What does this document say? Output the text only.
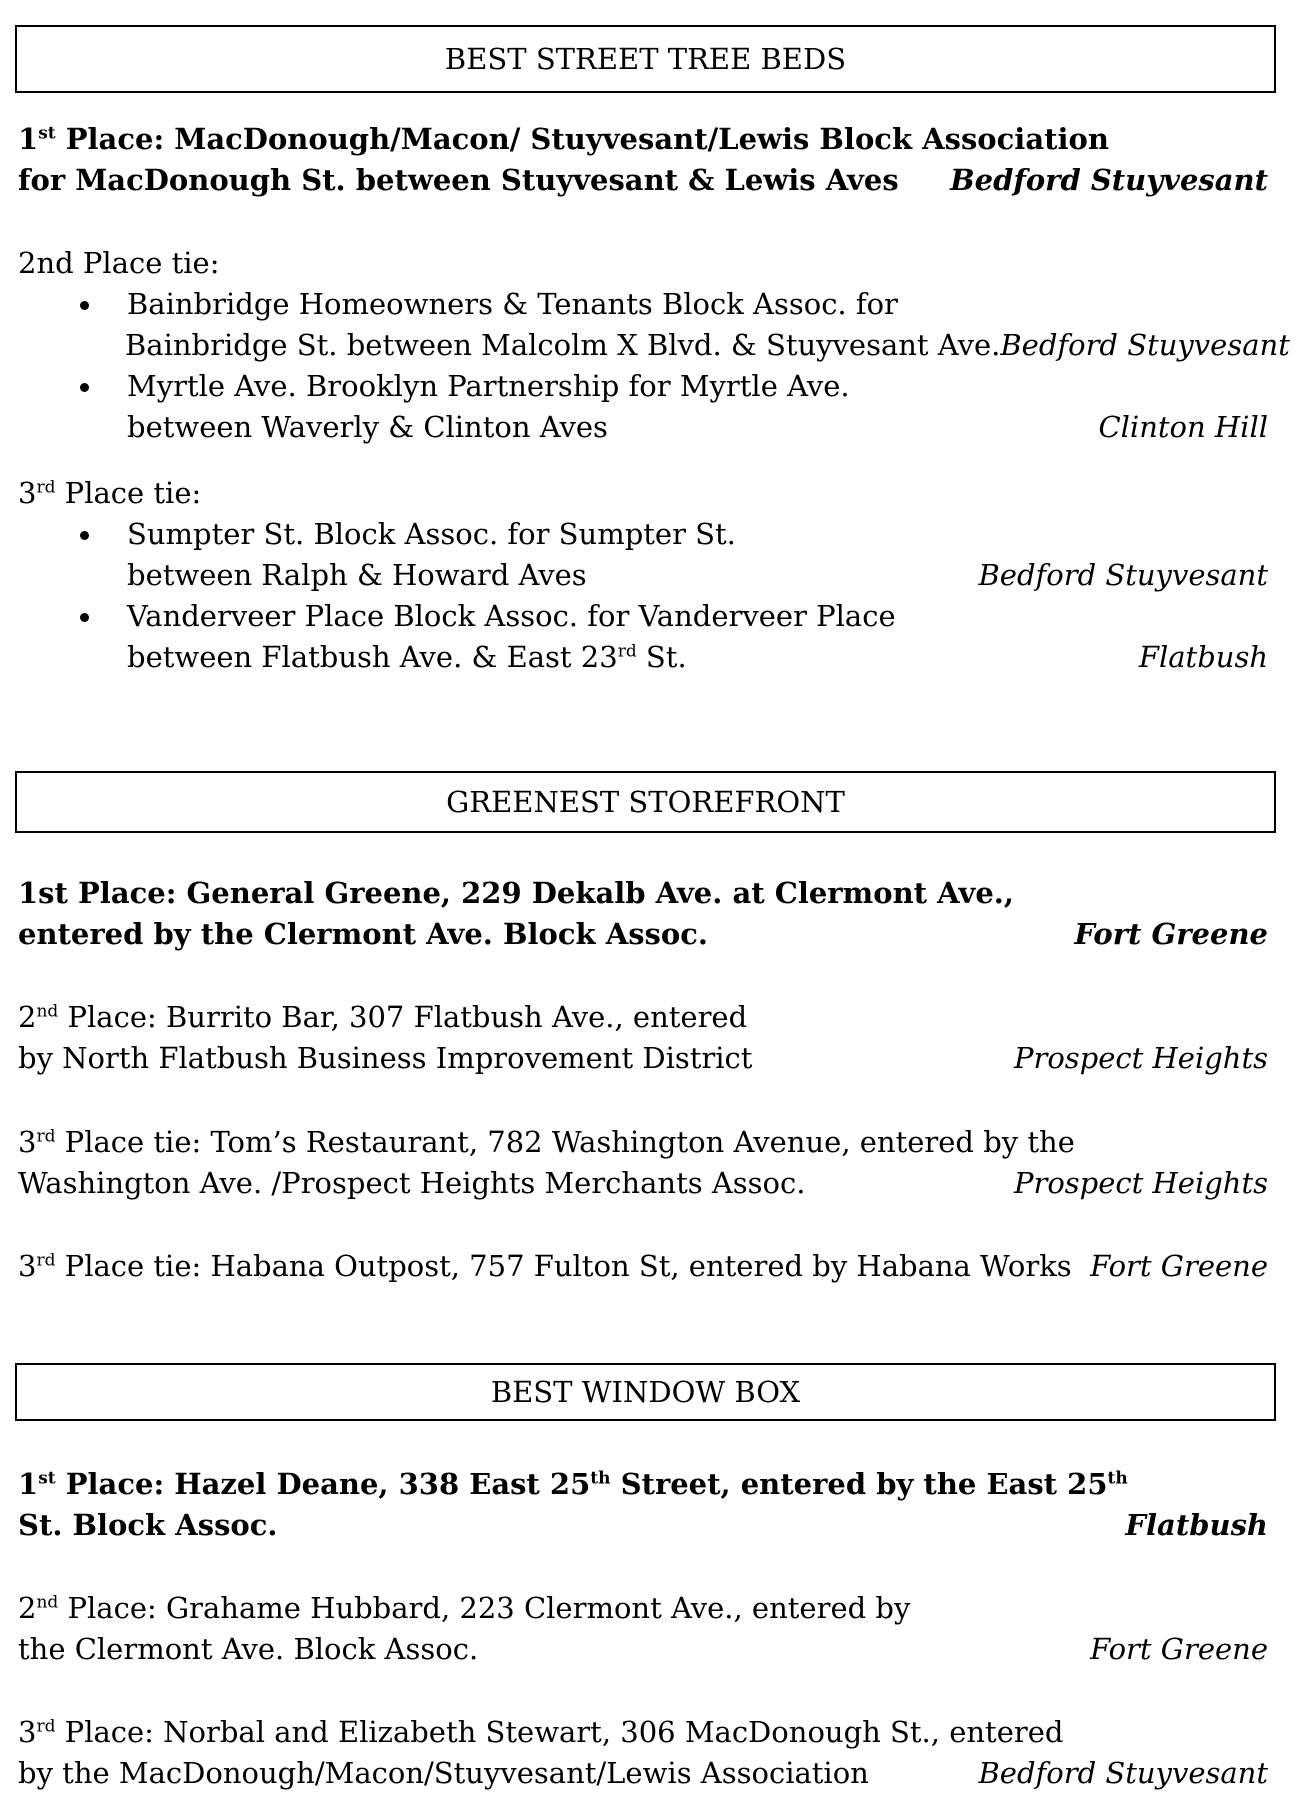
BEST STREET TREE BEDS
1st Place: MacDonough/Macon/ Stuyvesant/Lewis Block Association
for MacDonough St. between Stuyvesant & Lewis Aves Bedford Stuyvesant
2nd Place tie:
Bainbridge Homeowners & Tenants Block Assoc. for
Bainbridge St. between Malcolm X Blvd. & Stuyvesant Ave. Bedford Stuyvesant
Myrtle Ave. Brooklyn Partnership for Myrtle Ave.
between Waverly & Clinton Aves	Clinton Hill
3rd Place tie:
Sumpter St. Block Assoc. for Sumpter St.
between Ralph & Howard Aves	Bedford Stuyvesant
Vanderveer Place Block Assoc. for Vanderveer Place
between Flatbush Ave. & East 23rd St.	Flatbush
GREENEST STOREFRONT
1st Place: General Greene, 229 Dekalb Ave. at Clermont Ave.,
entered by the Clermont Ave. Block Assoc.	Fort Greene
2nd Place: Burrito Bar, 307 Flatbush Ave., entered
by North Flatbush Business Improvement District	Prospect Heights
3rd Place tie: Tom’s Restaurant, 782 Washington Avenue, entered by the
Washington Ave. /Prospect Heights Merchants Assoc.	Prospect Heights
3rd Place tie: Habana Outpost, 757 Fulton St, entered by Habana Works Fort Greene
BEST WINDOW BOX
1st Place: Hazel Deane, 338 East 25th Street, entered by the East 25th
St. Block Assoc.	Flatbush
2nd Place: Grahame Hubbard, 223 Clermont Ave., entered by
the Clermont Ave. Block Assoc.	Fort Greene
3rd Place: Norbal and Elizabeth Stewart, 306 MacDonough St., entered
by the MacDonough/Macon/Stuyvesant/Lewis Association	Bedford Stuyvesant
